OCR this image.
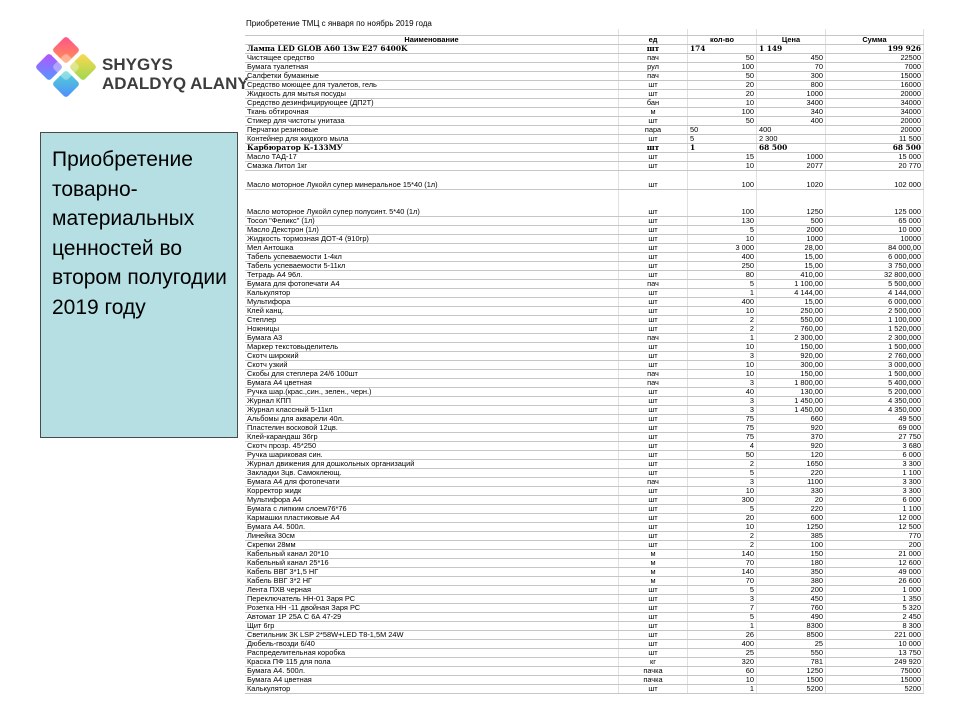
SHYGYS
ADALDYQ ALANY
Приобретение товарно-материальных ценностей во втором полугодии 2019 году
Приобретение ТМЦ с января по ноябрь 2019 года

Наименование	ед	кол-во	Цена	Сумма
Лампа LED GLOB A60 13w E27 6400K	шт	174	1 149	199 926
Чистящее средство	пач	50	450	22500
Бумага туалетная	рул	100	70	7000
Салфетки бумажные	пач	50	300	15000
Средство моющее для туалетов, гель	шт	20	800	16000
Жидкость для мытья посуды	шт	20	1000	20000
Средство дезинфицирующее (ДП2Т)	бан	10	3400	34000
Ткань обтирочная	м	100	340	34000
Стикер для чистоты унитаза	шт	50	400	20000
Перчатки резиновые	пара	50	400	20000
Контейнер для жидкого мыла	шт	5	2 300	11 500
Карбюратор К-133МУ	шт	1	68 500	68 500
Масло ТАД-17	шт	15	1000	15 000
Смазка Литол 1кг	шт	10	2077	20 770
Масло моторное Лукойл супер минеральное 15*40 (1л)	шт	100	1020	102 000
Масло моторное Лукойл супер полусинт. 5*40 (1л)	шт	100	1250	125 000
Тосол "Феликс" (1л)	шт	130	500	65 000
Масло Декстрон (1л)	шт	5	2000	10 000
Жидкость тормозная ДОТ-4 (910гр)	шт	10	1000	10000
Мел Антошка	шт	3 000	28,00	84 000,00
Табель успеваемости 1-4кл	шт	400	15,00	6 000,000
Табель успеваемости 5-11кл	шт	250	15,00	3 750,000
Тетрадь А4 96л.	шт	80	410,00	32 800,000
Бумага для фотопечати А4	пач	5	1 100,00	5 500,000
Калькулятор	шт	1	4 144,00	4 144,000
Мультифора	шт	400	15,00	6 000,000
Клей канц.	шт	10	250,00	2 500,000
Степлер	шт	2	550,00	1 100,000
Ножницы	шт	2	760,00	1 520,000
Бумага А3	пач	1	2 300,00	2 300,000
Маркер текстовыделитель	шт	10	150,00	1 500,000
Скотч широкий	шт	3	920,00	2 760,000
Скотч узкий	шт	10	300,00	3 000,000
Скобы для степлера 24/6 100шт	пач	10	150,00	1 500,000
Бумага А4 цветная	пач	3	1 800,00	5 400,000
Ручка шар.(крас.,син., зелен., черн.)	шт	40	130,00	5 200,000
Журнал КПП	шт	3	1 450,00	4 350,000
Журнал классный 5-11кл	шт	3	1 450,00	4 350,000
Альбомы для акварели 40л.	шт	75	660	49 500
Пластелин восковой 12цв.	шт	75	920	69 000
Клей-карандаш 36гр	шт	75	370	27 750
Скотч прозр. 45*250	шт	4	920	3 680
Ручка шариковая син.	шт	50	120	6 000
Журнал движения для дошкольных организаций	шт	2	1650	3 300
Закладки 3цв. Самоклеющ.	шт	5	220	1 100
Бумага А4 для фотопечати	пач	3	1100	3 300
Корректор жидк	шт	10	330	3 300
Мультифора А4	шт	300	20	6 000
Бумага с липким слоем76*76	шт	5	220	1 100
Кармашки пластиковые А4	шт	20	600	12 000
Бумага А4. 500л.	шт	10	1250	12 500
Линейка 30см	шт	2	385	770
Скрепки 28мм	шт	2	100	200
Кабельный канал 20*10	м	140	150	21 000
Кабельный канал 25*16	м	70	180	12 600
Кабель ВВГ 3*1,5 НГ	м	140	350	49 000
Кабель ВВГ 3*2 НГ	м	70	380	26 600
Лента ПХВ черная	шт	5	200	1 000
Переключатель НН-01 Заря РС	шт	3	450	1 350
Розетка НН -11 двойная Заря РС	шт	7	760	5 320
Автомат 1Р 25А С 6А 47-29	шт	5	490	2 450
Щит 6гр	шт	1	8300	8 300
Светильник ЗК LSP 2*58W+LED T8-1,5M 24W	шт	26	8500	221 000
Дюбель-гвозди 6/40	шт	400	25	10 000
Распределительная коробка	шт	25	550	13 750
Краска ПФ 115 для пола	кг	320	781	249 920
Бумага А4. 500л.	пачка	60	1250	75000
Бумага А4 цветная	пачка	10	1500	15000
Калькулятор	шт	1	5200	5200
